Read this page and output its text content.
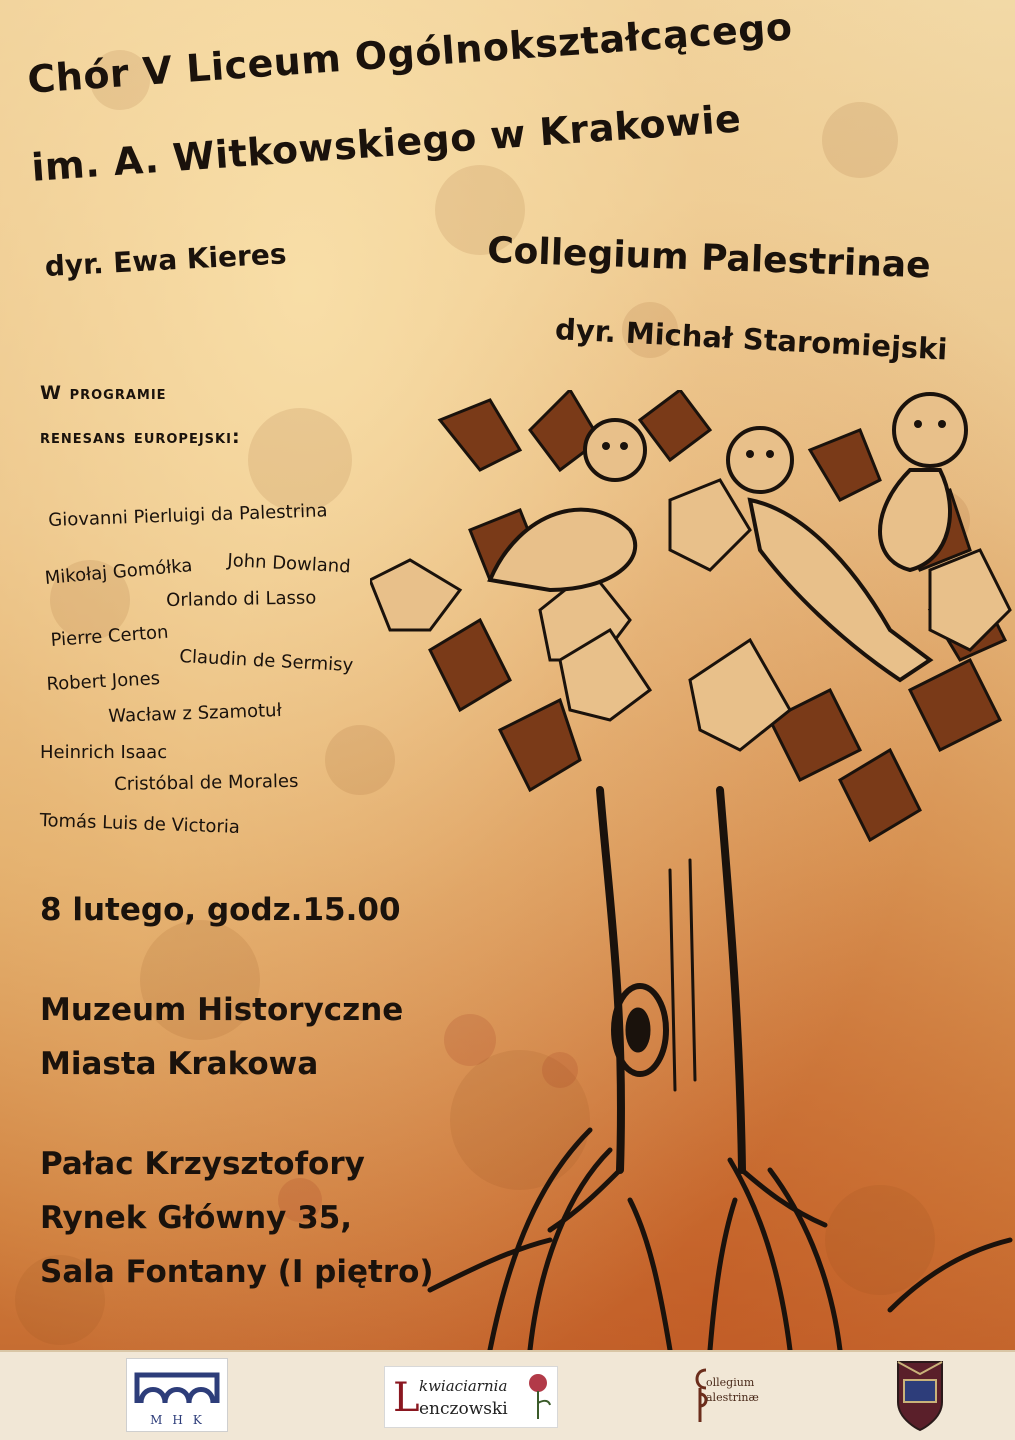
Chór V Liceum Ogólnokształcącego

im. A. Witkowskiego w Krakowie

dyr. Ewa Kieres	Collegium Palestrinae

dyr. Michał Staromiejski

W programie

renesans europejski:

Giovanni Pierluigi da Palestrina

John Dowland

Mikołaj Gomółka

Orlando di Lasso

Pierre Certon

Claudin de Sermisy

Robert Jones

Wacław z Szamotuł

Heinrich Isaac

Cristóbal de Morales

Tomás Luis de Victoria

8 lutego, godz.15.00

Muzeum Historyczne

Miasta Krakowa

Pałac Krzysztofory

Rynek Główny 35,

Sala Fontany (I piętro)

MHK	L kwiaciarnia
enczowski
ollegium
alestrinæ
